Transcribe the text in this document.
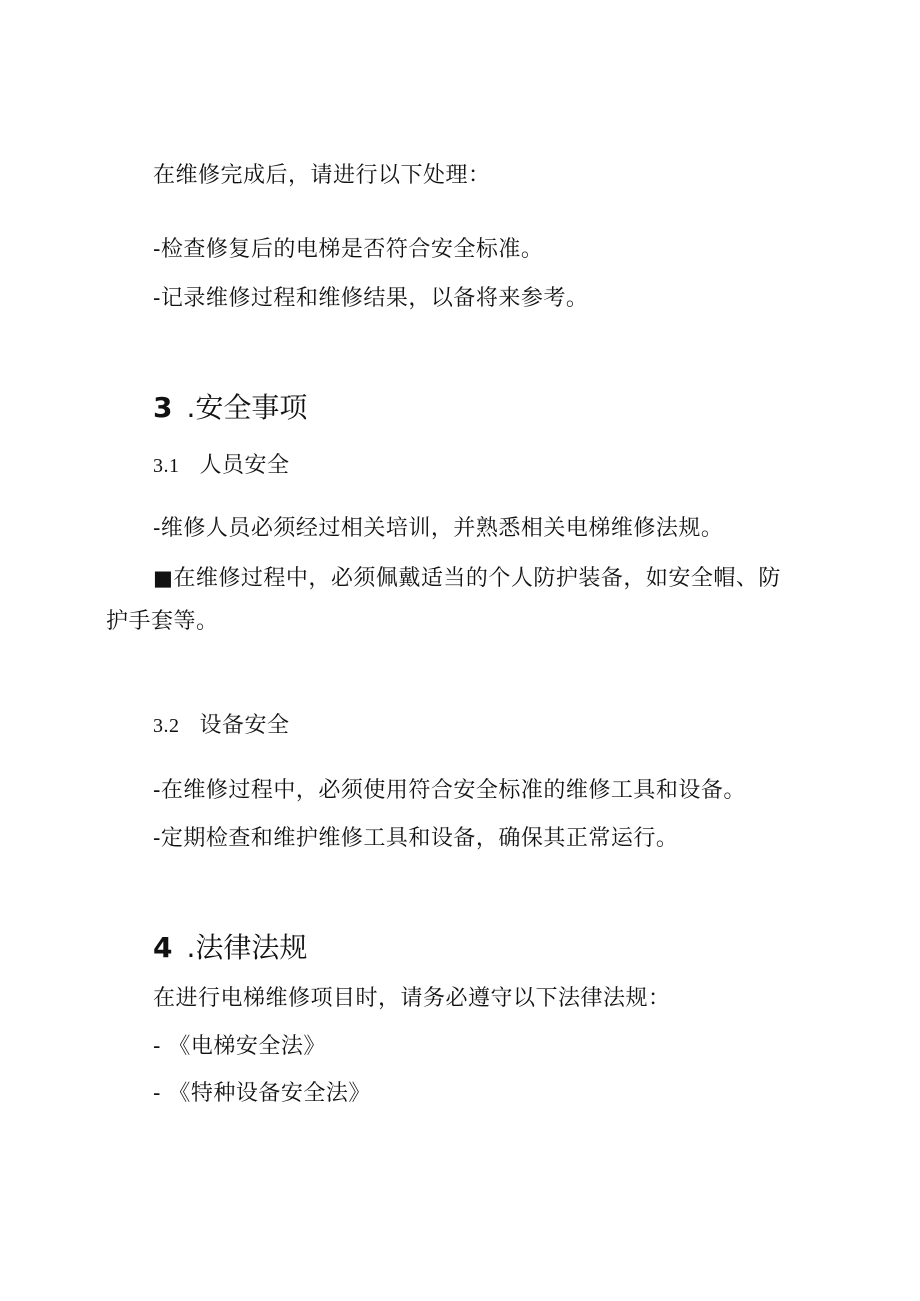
在维修完成后，请进行以下处理：
-检查修复后的电梯是否符合安全标准。
-记录维修过程和维修结果，以备将来参考。
3 .安全事项
3.1 人员安全
-维修人员必须经过相关培训，并熟悉相关电梯维修法规。
■在维修过程中，必须佩戴适当的个人防护装备，如安全帽、防
护手套等。
3.2 设备安全
-在维修过程中，必须使用符合安全标准的维修工具和设备。
-定期检查和维护维修工具和设备，确保其正常运行。
4 .法律法规
在进行电梯维修项目时，请务必遵守以下法律法规：
- 《电梯安全法》
- 《特种设备安全法》
